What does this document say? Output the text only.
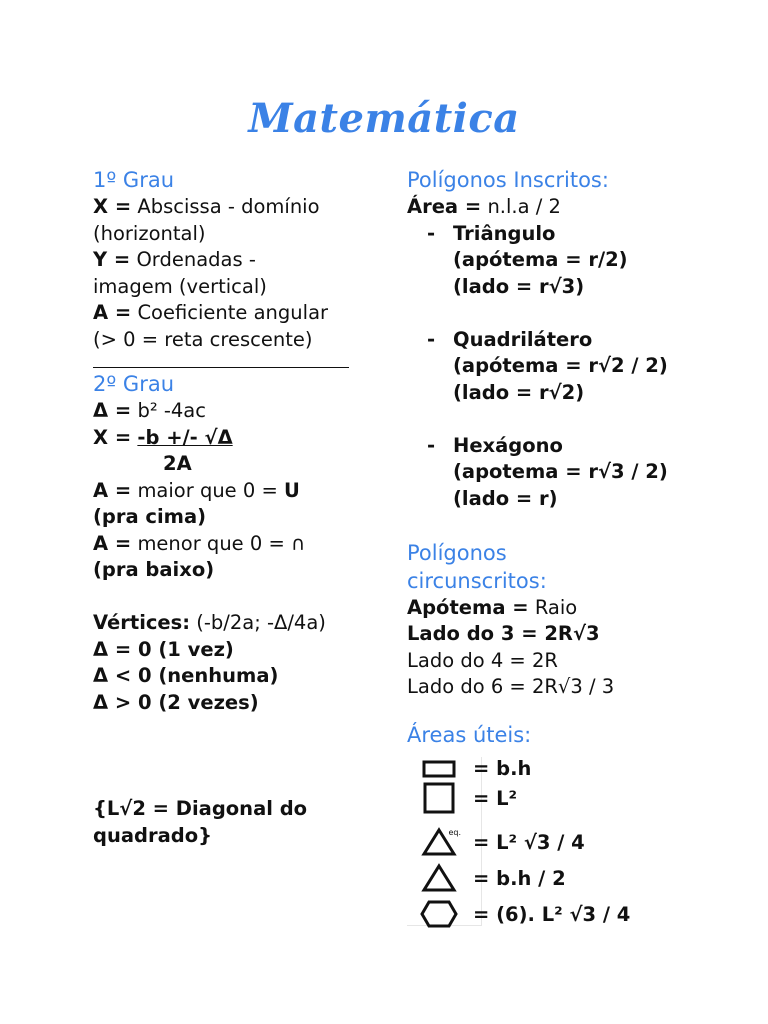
Matemática
1º Grau
X = Abscissa - domínio
(horizontal)
Y = Ordenadas -
imagem (vertical)
A = Coeficiente angular
(> 0 = reta crescente)
2º Grau
Δ = b² -4ac
X = -b +/- √Δ
2A
A = maior que 0 = U
(pra cima)
A = menor que 0 = ∩
(pra baixo)
Vértices: (-b/2a; -Δ/4a)
Δ = 0 (1 vez)
Δ < 0 (nenhuma)
Δ > 0 (2 vezes)
{L√2 = Diagonal do
quadrado}
Polígonos Inscritos:
Área = n.l.a / 2
- Triângulo
(apótema = r/2)
(lado = r√3)
- Quadrilátero
(apótema = r√2 / 2)
(lado = r√2)
- Hexágono
(apotema = r√3 / 2)
(lado = r)
Polígonos
circunscritos:
Apótema = Raio
Lado do 3 = 2R√3
Lado do 4 = 2R
Lado do 6 = 2R√3 / 3
Áreas úteis:
= b.h
= L²
eq. = L² √3 / 4
= b.h / 2
= (6). L² √3 / 4
